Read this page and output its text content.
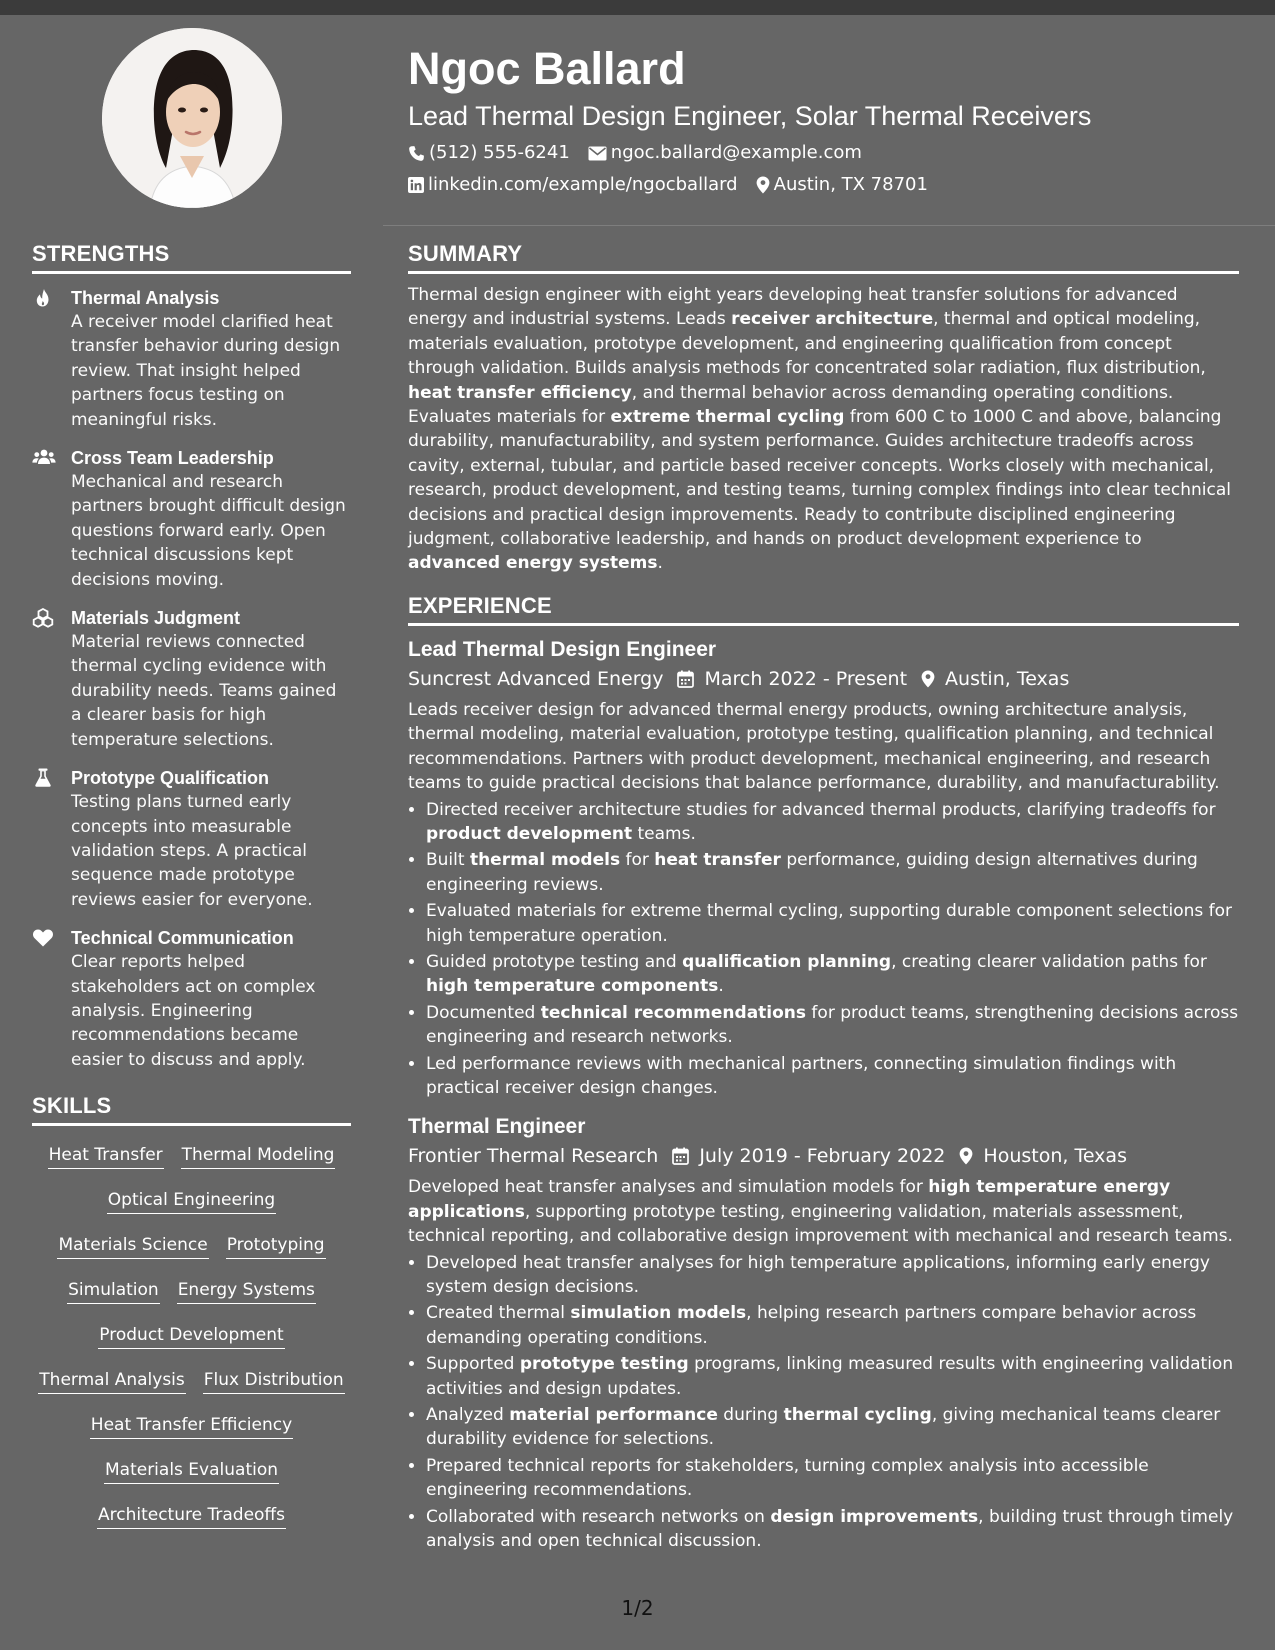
Ngoc Ballard
Lead Thermal Design Engineer, Solar Thermal Receivers
(512) 555-6241 ngoc.ballard@example.com
linkedin.com/example/ngocballard Austin, TX 78701
STRENGTHS
Thermal Analysis
A receiver model clarified heat transfer behavior during design review. That insight helped partners focus testing on meaningful risks.
Cross Team Leadership
Mechanical and research partners brought difficult design questions forward early. Open technical discussions kept decisions moving.
Materials Judgment
Material reviews connected thermal cycling evidence with durability needs. Teams gained a clearer basis for high temperature selections.
Prototype Qualification
Testing plans turned early concepts into measurable validation steps. A practical sequence made prototype reviews easier for everyone.
Technical Communication
Clear reports helped stakeholders act on complex analysis. Engineering recommendations became easier to discuss and apply.
SKILLS
Heat Transfer Thermal Modeling
Optical Engineering
Materials Science Prototyping
Simulation Energy Systems
Product Development
Thermal Analysis Flux Distribution
Heat Transfer Efficiency
Materials Evaluation
Architecture Tradeoffs
SUMMARY

Thermal design engineer with eight years developing heat transfer solutions for advanced energy and industrial systems. Leads receiver architecture, thermal and optical modeling, materials evaluation, prototype development, and engineering qualification from concept through validation. Builds analysis methods for concentrated solar radiation, flux distribution, heat transfer efficiency, and thermal behavior across demanding operating conditions. Evaluates materials for extreme thermal cycling from 600 C to 1000 C and above, balancing durability, manufacturability, and system performance. Guides architecture tradeoffs across cavity, external, tubular, and particle based receiver concepts. Works closely with mechanical, research, product development, and testing teams, turning complex findings into clear technical decisions and practical design improvements. Ready to contribute disciplined engineering judgment, collaborative leadership, and hands on product development experience to advanced energy systems.

EXPERIENCE
Lead Thermal Design Engineer
Suncrest Advanced Energy March 2022 - Present Austin, Texas

Leads receiver design for advanced thermal energy products, owning architecture analysis, thermal modeling, material evaluation, prototype testing, qualification planning, and technical recommendations. Partners with product development, mechanical engineering, and research teams to guide practical decisions that balance performance, durability, and manufacturability.

• Directed receiver architecture studies for advanced thermal products, clarifying tradeoffs for product development teams.
• Built thermal models for heat transfer performance, guiding design alternatives during engineering reviews.
• Evaluated materials for extreme thermal cycling, supporting durable component selections for high temperature operation.
• Guided prototype testing and qualification planning, creating clearer validation paths for high temperature components.
• Documented technical recommendations for product teams, strengthening decisions across engineering and research networks.
• Led performance reviews with mechanical partners, connecting simulation findings with practical receiver design changes.
Thermal Engineer
Frontier Thermal Research July 2019 - February 2022 Houston, Texas

Developed heat transfer analyses and simulation models for high temperature energy applications, supporting prototype testing, engineering validation, materials assessment, technical reporting, and collaborative design improvement with mechanical and research teams.

• Developed heat transfer analyses for high temperature applications, informing early energy system design decisions.
• Created thermal simulation models, helping research partners compare behavior across demanding operating conditions.
• Supported prototype testing programs, linking measured results with engineering validation activities and design updates.
• Analyzed material performance during thermal cycling, giving mechanical teams clearer durability evidence for selections.
• Prepared technical reports for stakeholders, turning complex analysis into accessible engineering recommendations.
• Collaborated with research networks on design improvements, building trust through timely analysis and open technical discussion.
1/2
